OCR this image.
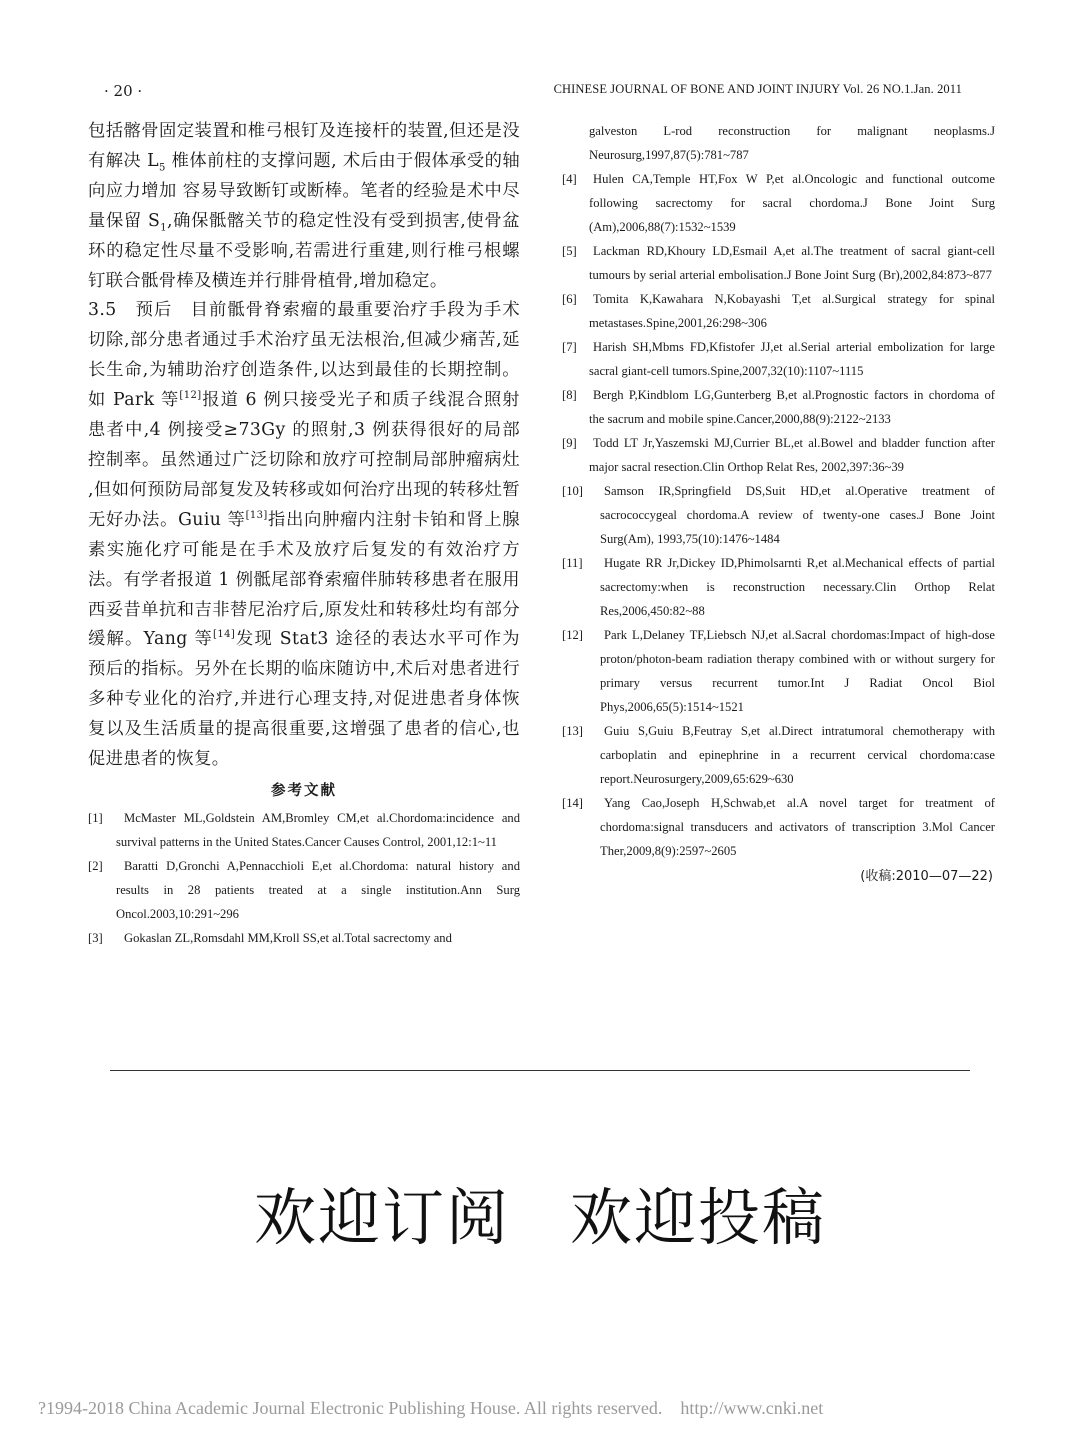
· 20 ·	CHINESE JOURNAL OF BONE AND JOINT INJURY Vol. 26 NO.1.Jan. 2011

包括髂骨固定装置和椎弓根钉及连接杆的装置,但还是没有解决 $L_5$ 椎体前柱的支撑问题, 术后由于假体承受的轴向应力增加 容易导致断钉或断棒。笔者的经验是术中尽量保留 $S_1$,确保骶髂关节的稳定性没有受到损害,使骨盆环的稳定性尽量不受影响,若需进行重建,则行椎弓根螺钉联合骶骨棒及横连并行腓骨植骨,增加稳定。

3.5　预后　目前骶骨脊索瘤的最重要治疗手段为手术切除,部分患者通过手术治疗虽无法根治,但减少痛苦,延长生命,为辅助治疗创造条件,以达到最佳的长期控制。如 Park 等[12]报道 6 例只接受光子和质子线混合照射患者中,4 例接受≥73Gy 的照射,3 例获得很好的局部控制率。虽然通过广泛切除和放疗可控制局部肿瘤病灶 ,但如何预防局部复发及转移或如何治疗出现的转移灶暂无好办法。Guiu 等[13]指出向肿瘤内注射卡铂和肾上腺素实施化疗可能是在手术及放疗后复发的有效治疗方法。有学者报道 1 例骶尾部脊索瘤伴肺转移患者在服用西妥昔单抗和吉非替尼治疗后,原发灶和转移灶均有部分缓解。Yang 等[14]发现 Stat3 途径的表达水平可作为预后的指标。另外在长期的临床随访中,术后对患者进行多种专业化的治疗,并进行心理支持,对促进患者身体恢复以及生活质量的提高很重要,这增强了患者的信心,也促进患者的恢复。

参考文献
[1]	McMaster ML,Goldstein AM,Bromley CM,et al.Chordoma:incidence and survival patterns in the United States.Cancer Causes Control, 2001,12:1~11
[2]	Baratti D,Gronchi A,Pennacchioli E,et al.Chordoma: natural history and results in 28 patients treated at a single institution.Ann Surg Oncol.2003,10:291~296
[3]	Gokaslan ZL,Romsdahl MM,Kroll SS,et al.Total sacrectomy and
galveston L-rod reconstruction for malignant neoplasms.J Neurosurg,1997,87(5):781~787
[4]	Hulen CA,Temple HT,Fox W P,et al.Oncologic and functional outcome following sacrectomy for sacral chordoma.J Bone Joint Surg (Am),2006,88(7):1532~1539
[5]	Lackman RD,Khoury LD,Esmail A,et al.The treatment of sacral giant-cell tumours by serial arterial embolisation.J Bone Joint Surg (Br),2002,84:873~877
[6]	Tomita K,Kawahara N,Kobayashi T,et al.Surgical strategy for spinal metastases.Spine,2001,26:298~306
[7]	Harish SH,Mbms FD,Kfistofer JJ,et al.Serial arterial embolization for large sacral giant-cell tumors.Spine,2007,32(10):1107~1115
[8]	Bergh P,Kindblom LG,Gunterberg B,et al.Prognostic factors in chordoma of the sacrum and mobile spine.Cancer,2000,88(9):2122~2133
[9]	Todd LT Jr,Yaszemski MJ,Currier BL,et al.Bowel and bladder function after major sacral resection.Clin Orthop Relat Res, 2002,397:36~39
[10]	Samson IR,Springfield DS,Suit HD,et al.Operative treatment of sacrococcygeal chordoma.A review of twenty-one cases.J Bone Joint Surg(Am), 1993,75(10):1476~1484
[11]	Hugate RR Jr,Dickey ID,Phimolsarnti R,et al.Mechanical effects of partial sacrectomy:when is reconstruction necessary.Clin Orthop Relat Res,2006,450:82~88
[12]	Park L,Delaney TF,Liebsch NJ,et al.Sacral chordomas:Impact of high-dose proton/photon-beam radiation therapy combined with or without surgery for primary versus recurrent tumor.Int J Radiat Oncol Biol Phys,2006,65(5):1514~1521
[13]	Guiu S,Guiu B,Feutray S,et al.Direct intratumoral chemotherapy with carboplatin and epinephrine in a recurrent cervical chordoma:case report.Neurosurgery,2009,65:629~630
[14]	Yang Cao,Joseph H,Schwab,et al.A novel target for treatment of chordoma:signal transducers and activators of transcription 3.Mol Cancer Ther,2009,8(9):2597~2605
(收稿:2010—07—22)
欢迎订阅 欢迎投稿
?1994-2018 China Academic Journal Electronic Publishing House. All rights reserved.    http://www.cnki.net
